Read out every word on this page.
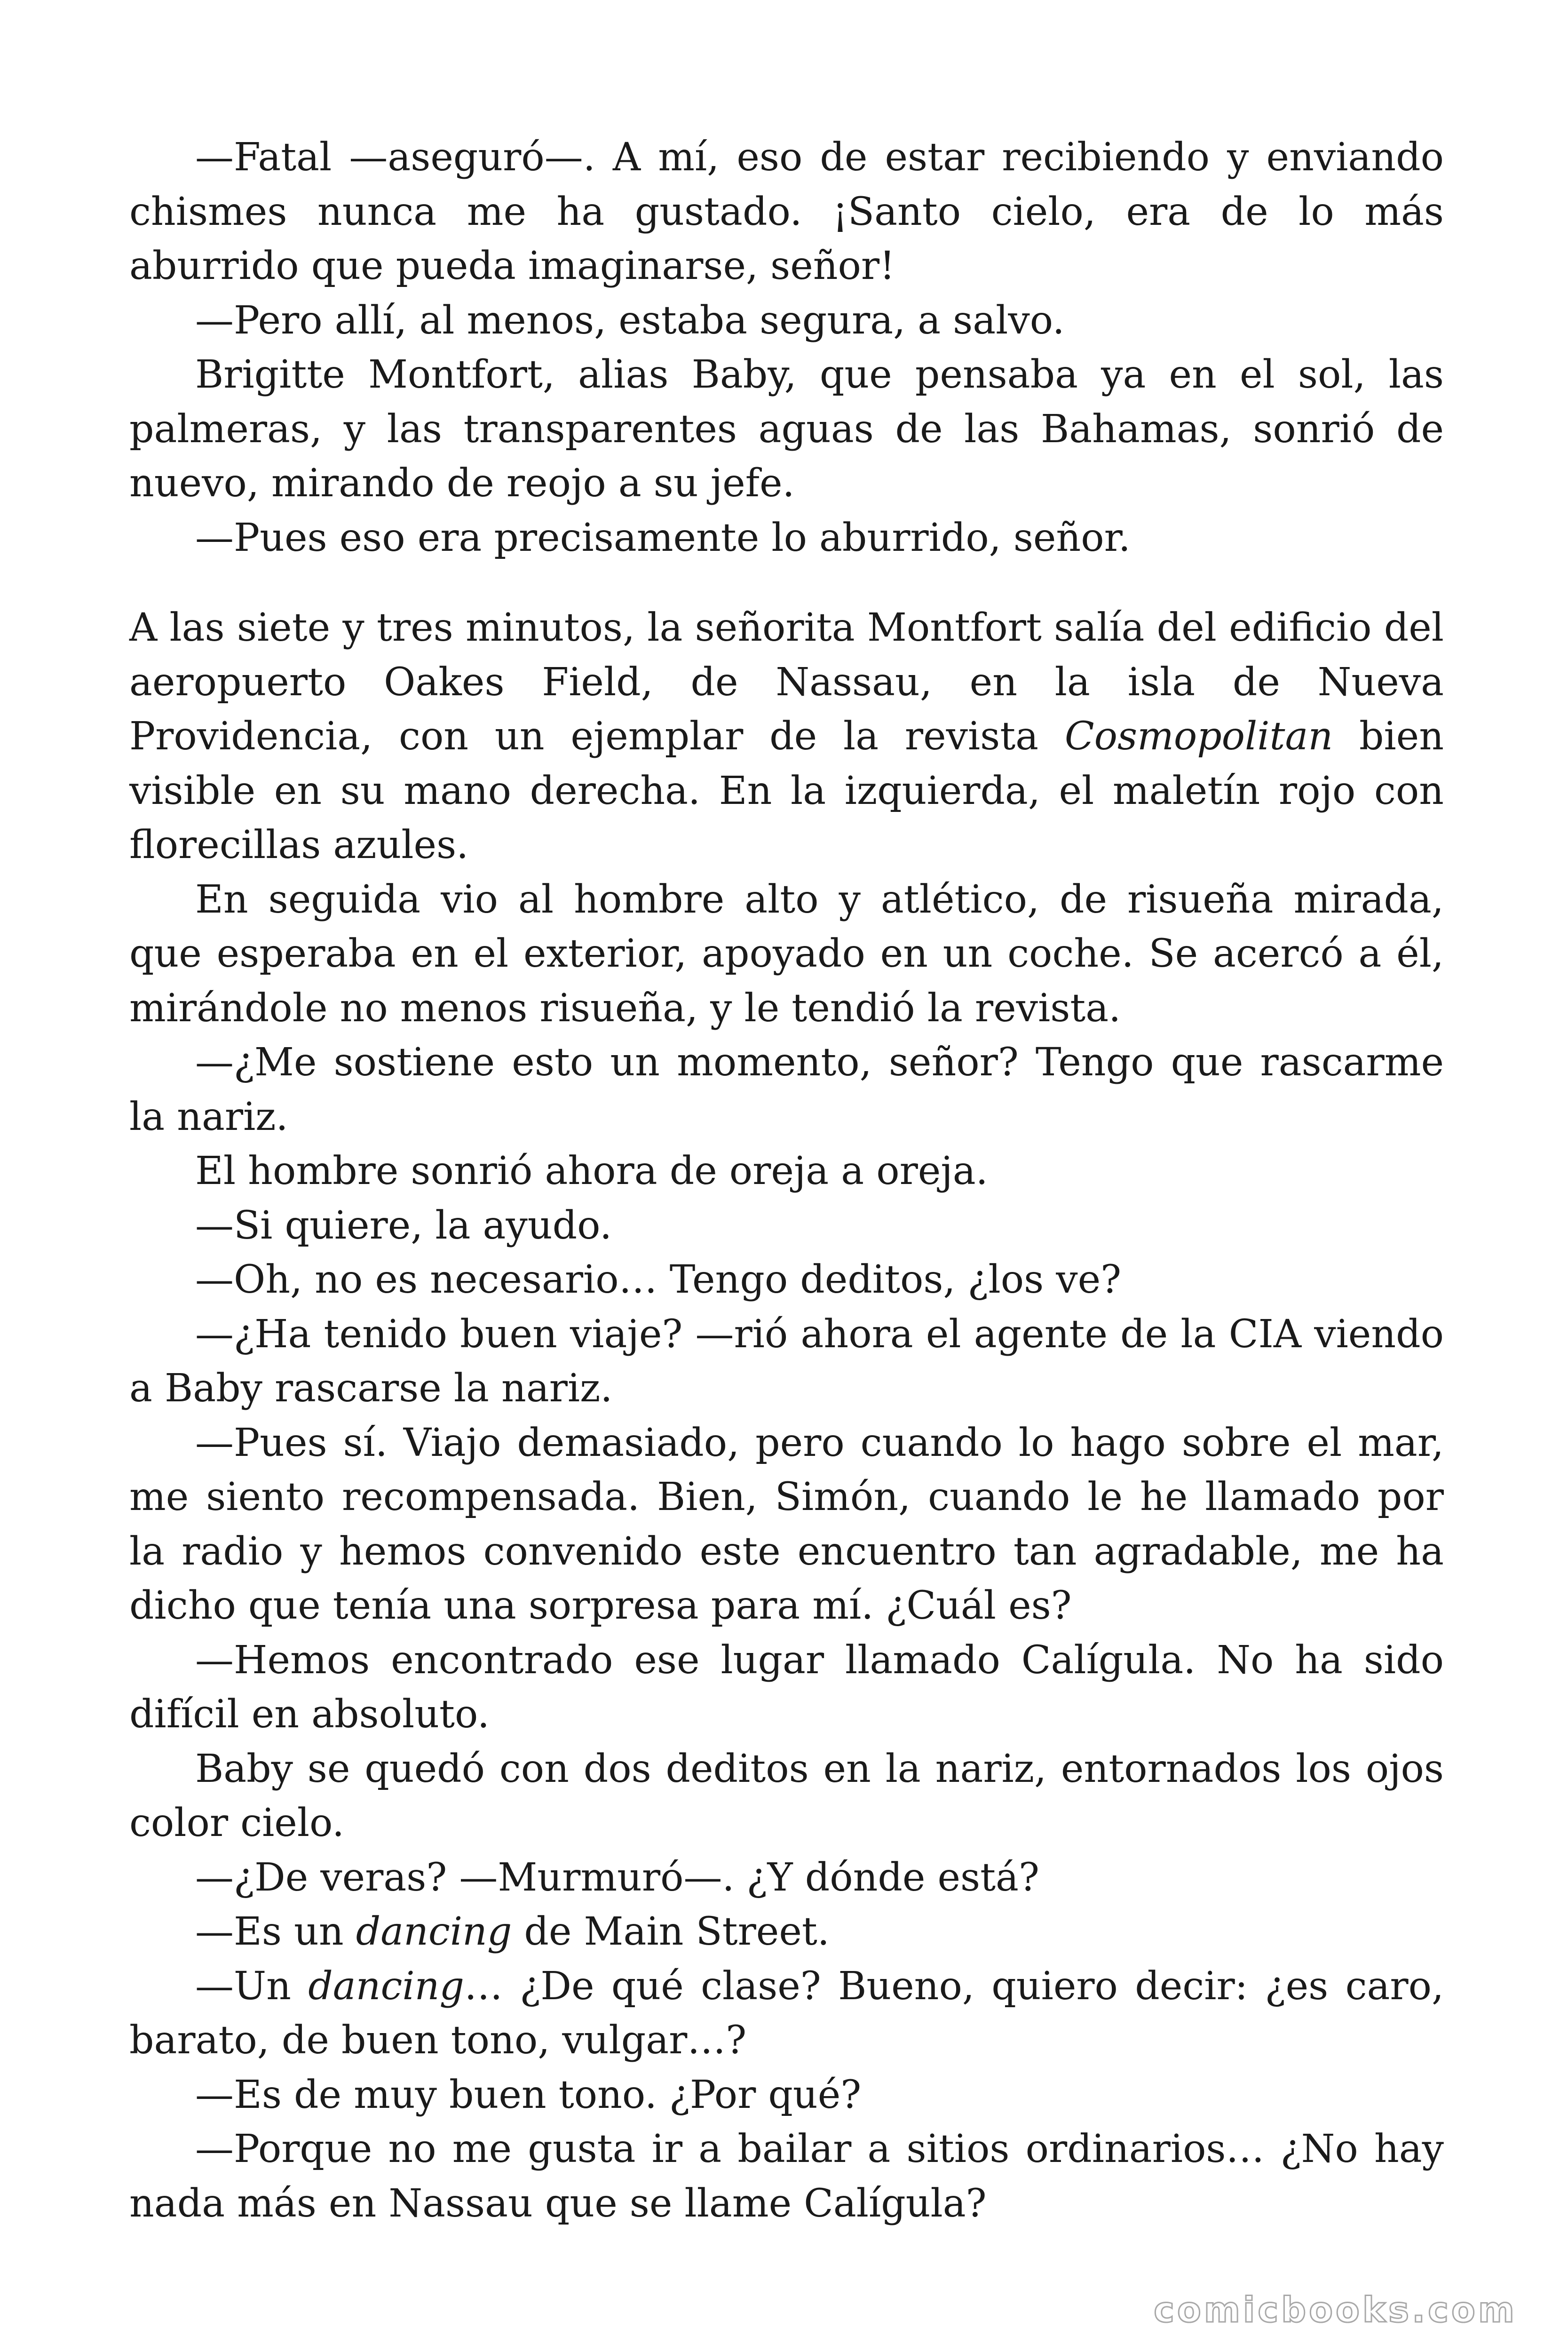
—Fatal —aseguró—. A mí, eso de estar recibiendo y enviando chismes nunca me ha gustado. ¡Santo cielo, era de lo más aburrido que pueda imaginarse, señor!

—Pero allí, al menos, estaba segura, a salvo.

Brigitte Montfort, alias Baby, que pensaba ya en el sol, las palmeras, y las transparentes aguas de las Bahamas, sonrió de nuevo, mirando de reojo a su jefe.

—Pues eso era precisamente lo aburrido, señor.

A las siete y tres minutos, la señorita Montfort salía del edificio del aeropuerto Oakes Field, de Nassau, en la isla de Nueva Providencia, con un ejemplar de la revista Cosmopolitan bien visible en su mano derecha. En la izquierda, el maletín rojo con florecillas azules.

En seguida vio al hombre alto y atlético, de risueña mirada, que esperaba en el exterior, apoyado en un coche. Se acercó a él, mirándole no menos risueña, y le tendió la revista.

—¿Me sostiene esto un momento, señor? Tengo que rascarme la nariz.

El hombre sonrió ahora de oreja a oreja.

—Si quiere, la ayudo.

—Oh, no es necesario… Tengo deditos, ¿los ve?

—¿Ha tenido buen viaje? —rió ahora el agente de la CIA viendo a Baby rascarse la nariz.

—Pues sí. Viajo demasiado, pero cuando lo hago sobre el mar, me siento recompensada. Bien, Simón, cuando le he llamado por la radio y hemos convenido este encuentro tan agradable, me ha dicho que tenía una sorpresa para mí. ¿Cuál es?

—Hemos encontrado ese lugar llamado Calígula. No ha sido difícil en absoluto.

Baby se quedó con dos deditos en la nariz, entornados los ojos color cielo.

—¿De veras? —Murmuró—. ¿Y dónde está?

—Es un dancing de Main Street.

—Un dancing… ¿De qué clase? Bueno, quiero decir: ¿es caro, barato, de buen tono, vulgar…?

—Es de muy buen tono. ¿Por qué?

—Porque no me gusta ir a bailar a sitios ordinarios… ¿No hay nada más en Nassau que se llame Calígula?

comicbooks.com
